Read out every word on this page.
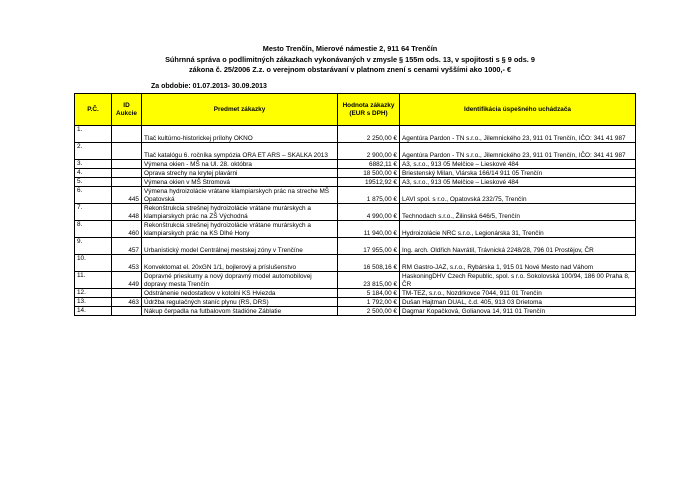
Mesto Trenčín, Mierové námestie 2, 911 64 Trenčín
Súhrnná správa o podlimitných zákazkach vykonávaných v zmysle § 155m ods. 13, v spojitosti s § 9 ods. 9
zákona č. 25/2006 Z.z. o verejnom obstarávaní v platnom znení s cenami vyššími ako 1000,- €
Za obdobie: 01.07.2013- 30.09.2013
P.Č.	ID Aukcie	Predmet zákazky	Hodnota zákazky (EUR s DPH)	Identifikácia úspešného uchádzača
1.		Tlač kultúrno-historickej prílohy OKNO	2 250,00 €	Agentúra Pardon - TN s.r.o., Jilemnického 23, 911 01 Trenčín, IČO: 341 41 987
2.		Tlač katalógu 6. ročníka sympózia ORA ET ARS – SKALKA 2013	2 900,00 €	Agentúra Pardon - TN s.r.o., Jilemnického 23, 911 01 Trenčín, IČO: 341 41 987
3.		Výmena okien - MŠ na Ul. 28. októbra	6882,11 €	A3, s.r.o., 913 05 Melčice – Lieskové 484
4.		Oprava strechy na krytej plavárni	18 500,00 €	Briestenský Milan, Vlárska 166/14 911 05 Trenčín
5.		Výmena okien v MŠ Stromová	19512,92 €	A3, s.r.o., 913 05 Melčice – Lieskové 484
6.	445	Výmena hydroizolácie vrátane klampiarskych prác na streche MŠ Opatovská	1 875,00 €	LAVI spol. s r.o., Opatovská 232/75, Trenčín
7.	448	Rekonštrukcia strešnej hydroizolácie vrátane murárskych a klampiarskych prác na ZŠ Východná	4 990,00 €	Technodach s.r.o., Žilinská 646/5, Trenčín
8.	460	Rekonštrukcia strešnej hydroizolácie vrátane murárskych a klampiarskych prác na KS Dlhé Hony	11 940,00 €	Hydroizolácie NRC s.r.o., Legionárska 31, Trenčín
9.	457	Urbanistický model Centrálnej mestskej zóny v Trenčíne	17 955,00 €	Ing. arch. Oldřich Navrátil, Trávnická 2248/28, 796 01 Prostějov, ČR
10.	453	Konvektomat el. 20xGN 1/1, bojlerový a príslušenstvo	16 508,16 €	RM Gastro-JAZ, s.r.o., Rybárska 1, 915 01 Nové Mesto nad Váhom
11.	449	Dopravné prieskumy a nový dopravný model automobilovej dopravy mesta Trenčín	23 815,00 €	HaskoningDHV Czech Republic, spol. s r.o. Sokolovská 100/94, 186 00 Praha 8, ČR
12.		Odstránenie nedostatkov v kotolni KS Hviezda	5 184,00 €	TM-TEZ, s.r.o., Nozdrkovce 7044, 911 01 Trenčín
13.	463	Údržba regulačných staníc plynu (RS, DRS)	1 792,00 €	Dušan Hajtman DUAL, č.d. 405, 913 03 Drietoma
14.		Nákup čerpadla na futbalovom štadióne Záblatie	2 500,00 €	Dagmar Kopačková, Golianova 14, 911 01 Trenčín
